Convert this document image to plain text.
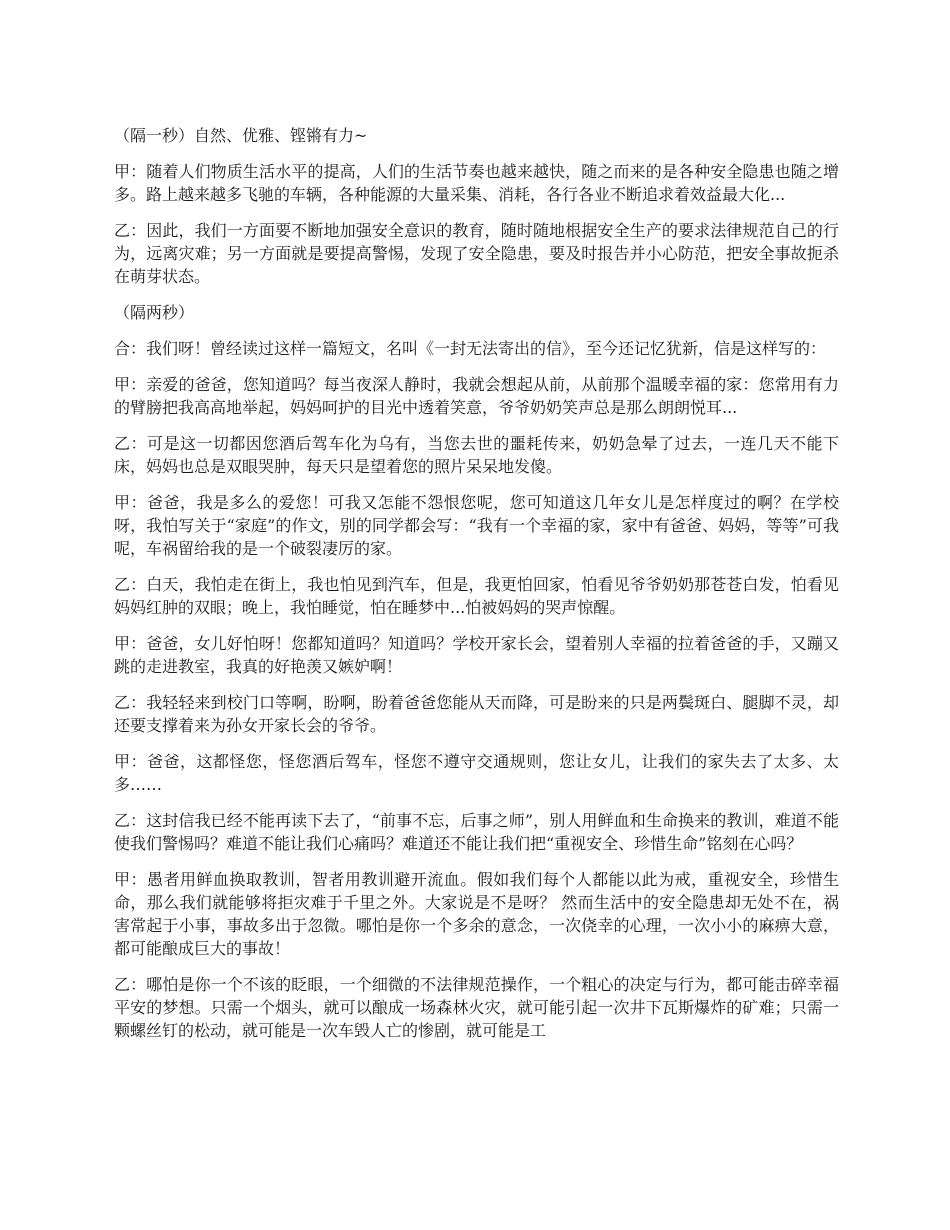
（隔一秒）自然、优雅、铿锵有力~

甲：随着人们物质生活水平的提高，人们的生活节奏也越来越快，随之而来的是各种安全隐患也随之增多。路上越来越多飞驰的车辆，各种能源的大量采集、消耗，各行各业不断追求着效益最大化...

乙：因此，我们一方面要不断地加强安全意识的教育，随时随地根据安全生产的要求法律规范自己的行为，远离灾难；另一方面就是要提高警惕，发现了安全隐患，要及时报告并小心防范，把安全事故扼杀在萌芽状态。

（隔两秒）

合：我们呀！曾经读过这样一篇短文，名叫《一封无法寄出的信》，至今还记忆犹新，信是这样写的：

甲：亲爱的爸爸，您知道吗？每当夜深人静时，我就会想起从前，从前那个温暖幸福的家：您常用有力的臂膀把我高高地举起，妈妈呵护的目光中透着笑意，爷爷奶奶笑声总是那么朗朗悦耳...

乙：可是这一切都因您酒后驾车化为乌有，当您去世的噩耗传来，奶奶急晕了过去，一连几天不能下床，妈妈也总是双眼哭肿，每天只是望着您的照片呆呆地发傻。

甲：爸爸，我是多么的爱您！可我又怎能不怨恨您呢，您可知道这几年女儿是怎样度过的啊？在学校呀，我怕写关于“家庭”的作文，别的同学都会写：“我有一个幸福的家，家中有爸爸、妈妈，等等”可我呢，车祸留给我的是一个破裂凄厉的家。

乙：白天，我怕走在街上，我也怕见到汽车，但是，我更怕回家，怕看见爷爷奶奶那苍苍白发，怕看见妈妈红肿的双眼；晚上，我怕睡觉，怕在睡梦中...怕被妈妈的哭声惊醒。

甲：爸爸，女儿好怕呀！您都知道吗？知道吗？学校开家长会，望着别人幸福的拉着爸爸的手，又蹦又跳的走进教室，我真的好艳羡又嫉妒啊！

乙：我轻轻来到校门口等啊，盼啊，盼着爸爸您能从天而降，可是盼来的只是两鬓斑白、腿脚不灵，却还要支撑着来为孙女开家长会的爷爷。

甲：爸爸，这都怪您，怪您酒后驾车，怪您不遵守交通规则，您让女儿，让我们的家失去了太多、太多……

乙：这封信我已经不能再读下去了，“前事不忘，后事之师”，别人用鲜血和生命换来的教训，难道不能使我们警惕吗？难道不能让我们心痛吗？难道还不能让我们把“重视安全、珍惜生命”铭刻在心吗？

甲：愚者用鲜血换取教训，智者用教训避开流血。假如我们每个人都能以此为戒，重视安全，珍惜生命，那么我们就能够将拒灾难于千里之外。大家说是不是呀？ 然而生活中的安全隐患却无处不在，祸害常起于小事，事故多出于忽微。哪怕是你一个多余的意念，一次侥幸的心理，一次小小的麻痹大意，都可能酿成巨大的事故！

乙：哪怕是你一个不该的眨眼，一个细微的不法律规范操作，一个粗心的决定与行为，都可能击碎幸福平安的梦想。只需一个烟头，就可以酿成一场森林火灾，就可能引起一次井下瓦斯爆炸的矿难；只需一颗螺丝钉的松动，就可能是一次车毁人亡的惨剧，就可能是工
